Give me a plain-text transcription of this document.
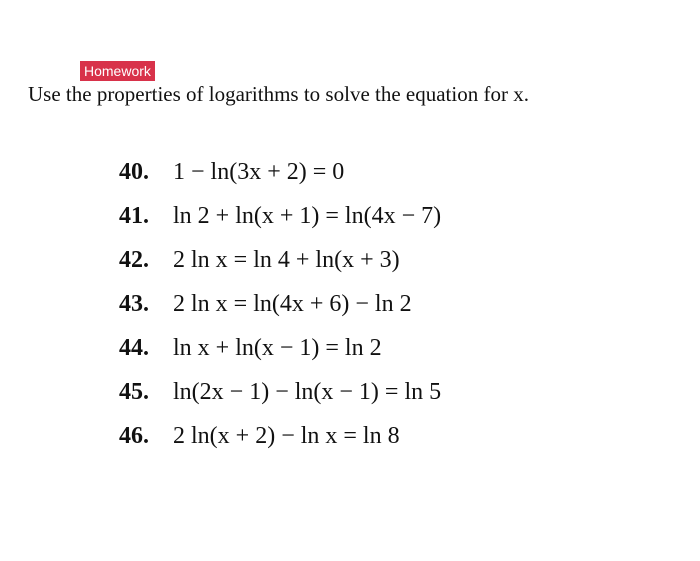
Homework
Use the properties of logarithms to solve the equation for x.
40. 1 − ln(3x + 2) = 0
41. ln 2 + ln(x + 1) = ln(4x − 7)
42. 2 ln x = ln 4 + ln(x + 3)
43. 2 ln x = ln(4x + 6) − ln 2
44. ln x + ln(x − 1) = ln 2
45. ln(2x − 1) − ln(x − 1) = ln 5
46. 2 ln(x + 2) − ln x = ln 8
